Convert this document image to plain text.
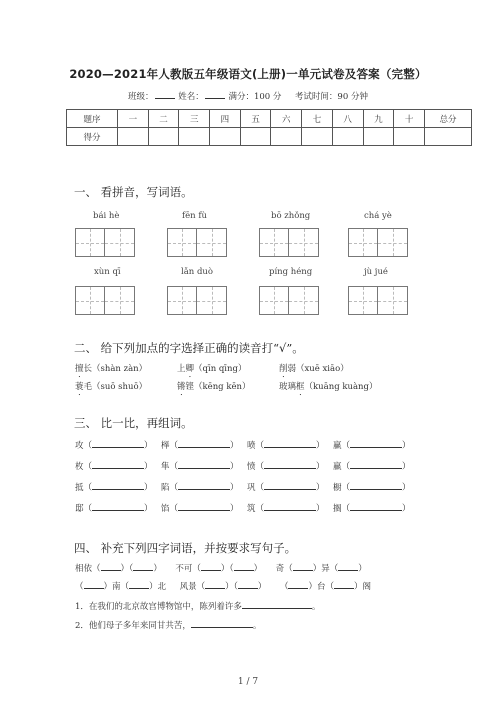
2020—2021年人教版五年级语文(上册)一单元试卷及答案（完整）
班级：	姓名：	满分：100 分 考试时间：90 分钟
题序	一	二	三	四	五	六	七	八	九	十	总分
得分											
一、 看拼音，写词语。
bái hè	fēn fù	bō zhǒng	chá yè
xùn qī	lǎn duò	píng héng	jù jué
二、 给下列加点的字选择正确的读音打“√”。
擅长（shàn zàn）	上卿（qīn qīng）	削弱（xuē xiāo）
蓑毛（suō shuō）	锵铿（kēng kēn）	玻璃框（kuāng kuàng）
三、 比一比，再组词。
攻（	） 榉（	） 喷（	） 赢（	）
枚（	） 隼（	） 愤（	） 羸（	）
抵（	） 陷（	） 巩（	） 橱（	）
邸（	） 馅（	） 筑（	） 搁（	）
四、 补充下列四字词语，并按要求写句子。
相依（ ）（ ） 不可（ ）（ ） 奇（ ）异（ ）
（ ）南（ ）北 风景（ ）（ ） （ ）台（ ）阁
1．在我们的北京故宫博物馆中，陈列着许多	。
2．他们母子多年来同甘共苦，	。
1 / 7
